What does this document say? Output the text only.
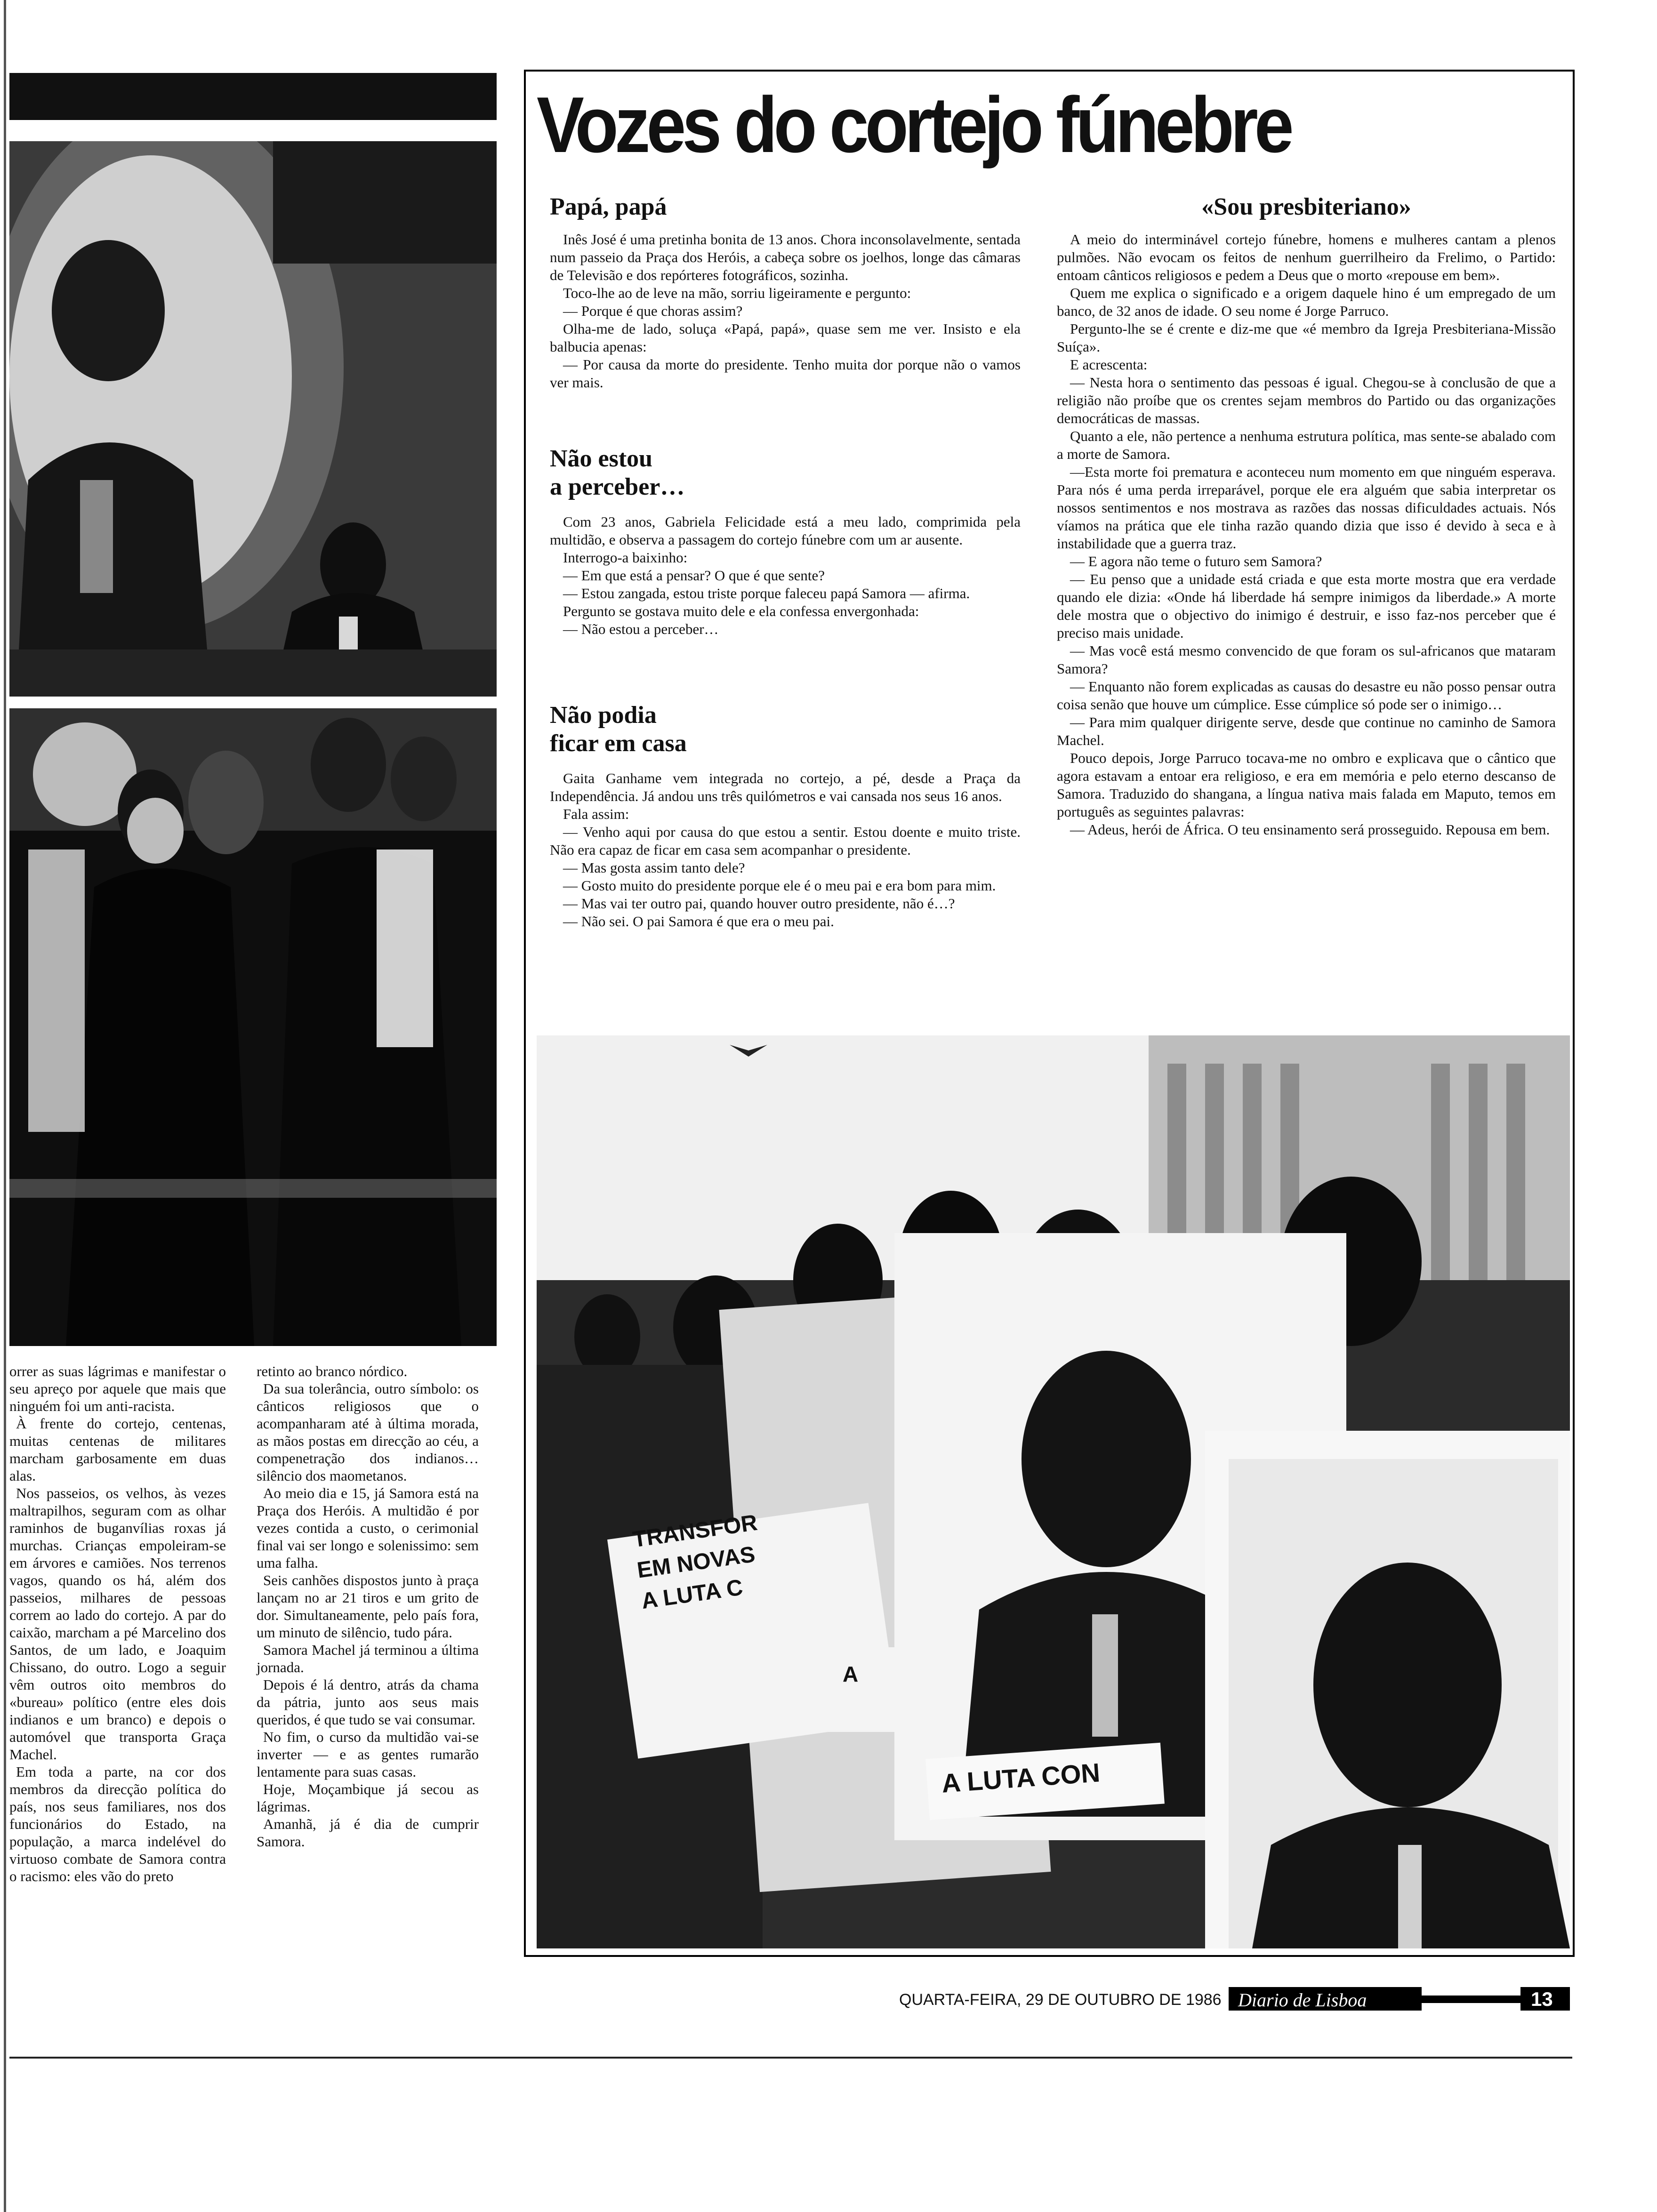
orrer as suas lágrimas e manifestar o seu apreço por aquele que mais que ninguém foi um anti-racista.

À frente do cortejo, centenas, muitas centenas de militares marcham garbosamente em duas alas.

Nos passeios, os velhos, às vezes maltrapilhos, seguram com as olhar raminhos de buganvílias roxas já murchas. Crianças empoleiram-se em árvores e camiões. Nos terrenos vagos, quando os há, além dos passeios, milhares de pessoas correm ao lado do cortejo. A par do caixão, marcham a pé Marcelino dos Santos, de um lado, e Joaquim Chissano, do outro. Logo a seguir vêm outros oito membros do «bureau» político (entre eles dois indianos e um branco) e depois o automóvel que transporta Graça Machel.

Em toda a parte, na cor dos membros da direcção política do país, nos seus familiares, nos dos funcionários do Estado, na população, a marca indelével do virtuoso combate de Samora contra o racismo: eles vão do preto

retinto ao branco nórdico.

Da sua tolerância, outro símbolo: os cânticos religiosos que o acompanharam até à última morada, as mãos postas em direcção ao céu, a compenetração dos indianos… silêncio dos maometanos.

Ao meio dia e 15, já Samora está na Praça dos Heróis. A multidão é por vezes contida a custo, o cerimonial final vai ser longo e solenissimo: sem uma falha.

Seis canhões dispostos junto à praça lançam no ar 21 tiros e um grito de dor. Simultaneamente, pelo país fora, um minuto de silêncio, tudo pára.

Samora Machel já terminou a última jornada.

Depois é lá dentro, atrás da chama da pátria, junto aos seus mais queridos, é que tudo se vai consumar.

No fim, o curso da multidão vai-se inverter — e as gentes rumarão lentamente para suas casas.

Hoje, Moçambique já secou as lágrimas.

Amanhã, já é dia de cumprir Samora.

Vozes do cortejo fúnebre
Papá, papá

Inês José é uma pretinha bonita de 13 anos. Chora inconsolavelmente, sentada num passeio da Praça dos Heróis, a cabeça sobre os joelhos, longe das câmaras de Televisão e dos repórteres fotográficos, sozinha.

Toco-lhe ao de leve na mão, sorriu ligeiramente e pergunto:

— Porque é que choras assim?

Olha-me de lado, soluça «Papá, papá», quase sem me ver. Insisto e ela balbucia apenas:

— Por causa da morte do presidente. Tenho muita dor porque não o vamos ver mais.

Não estou
a perceber…

Com 23 anos, Gabriela Felicidade está a meu lado, comprimida pela multidão, e observa a passagem do cortejo fúnebre com um ar ausente.

Interrogo-a baixinho:

— Em que está a pensar? O que é que sente?

— Estou zangada, estou triste porque faleceu papá Samora — afirma.

Pergunto se gostava muito dele e ela confessa envergonhada:

— Não estou a perceber…

Não podia
ficar em casa

Gaita Ganhame vem integrada no cortejo, a pé, desde a Praça da Independência. Já andou uns três quilómetros e vai cansada nos seus 16 anos.

Fala assim:

— Venho aqui por causa do que estou a sentir. Estou doente e muito triste. Não era capaz de ficar em casa sem acompanhar o presidente.

— Mas gosta assim tanto dele?

— Gosto muito do presidente porque ele é o meu pai e era bom para mim.

— Mas vai ter outro pai, quando houver outro presidente, não é…?

— Não sei. O pai Samora é que era o meu pai.

«Sou presbiteriano»

A meio do interminável cortejo fúnebre, homens e mulheres cantam a plenos pulmões. Não evocam os feitos de nenhum guerrilheiro da Frelimo, o Partido: entoam cânticos religiosos e pedem a Deus que o morto «repouse em bem».

Quem me explica o significado e a origem daquele hino é um empregado de um banco, de 32 anos de idade. O seu nome é Jorge Parruco.

Pergunto-lhe se é crente e diz-me que «é membro da Igreja Presbiteriana-Missão Suíça».

E acrescenta:

— Nesta hora o sentimento das pessoas é igual. Chegou-se à conclusão de que a religião não proíbe que os crentes sejam membros do Partido ou das organizações democráticas de massas.

Quanto a ele, não pertence a nenhuma estrutura política, mas sente-se abalado com a morte de Samora.

—Esta morte foi prematura e aconteceu num momento em que ninguém esperava. Para nós é uma perda irreparável, porque ele era alguém que sabia interpretar os nossos sentimentos e nos mostrava as razões das nossas dificuldades actuais. Nós víamos na prática que ele tinha razão quando dizia que isso é devido à seca e à instabilidade que a guerra traz.

— E agora não teme o futuro sem Samora?

— Eu penso que a unidade está criada e que esta morte mostra que era verdade quando ele dizia: «Onde há liberdade há sempre inimigos da liberdade.» A morte dele mostra que o objectivo do inimigo é destruir, e isso faz-nos perceber que é preciso mais unidade.

— Mas você está mesmo convencido de que foram os sul-africanos que mataram Samora?

— Enquanto não forem explicadas as causas do desastre eu não posso pensar outra coisa senão que houve um cúmplice. Esse cúmplice só pode ser o inimigo…

— Para mim qualquer dirigente serve, desde que continue no caminho de Samora Machel.

Pouco depois, Jorge Parruco tocava-me no ombro e explicava que o cântico que agora estavam a entoar era religioso, e era em memória e pelo eterno descanso de Samora. Traduzido do shangana, a língua nativa mais falada em Maputo, temos em português as seguintes palavras:

— Adeus, herói de África. O teu ensinamento será prosseguido. Repousa em bem.

TRANSFOR
EM NOVAS
A LUTA C
A
A LUTA CON
QUARTA-FEIRA, 29 DE OUTUBRO DE 1986 Diario de Lisboa	13
